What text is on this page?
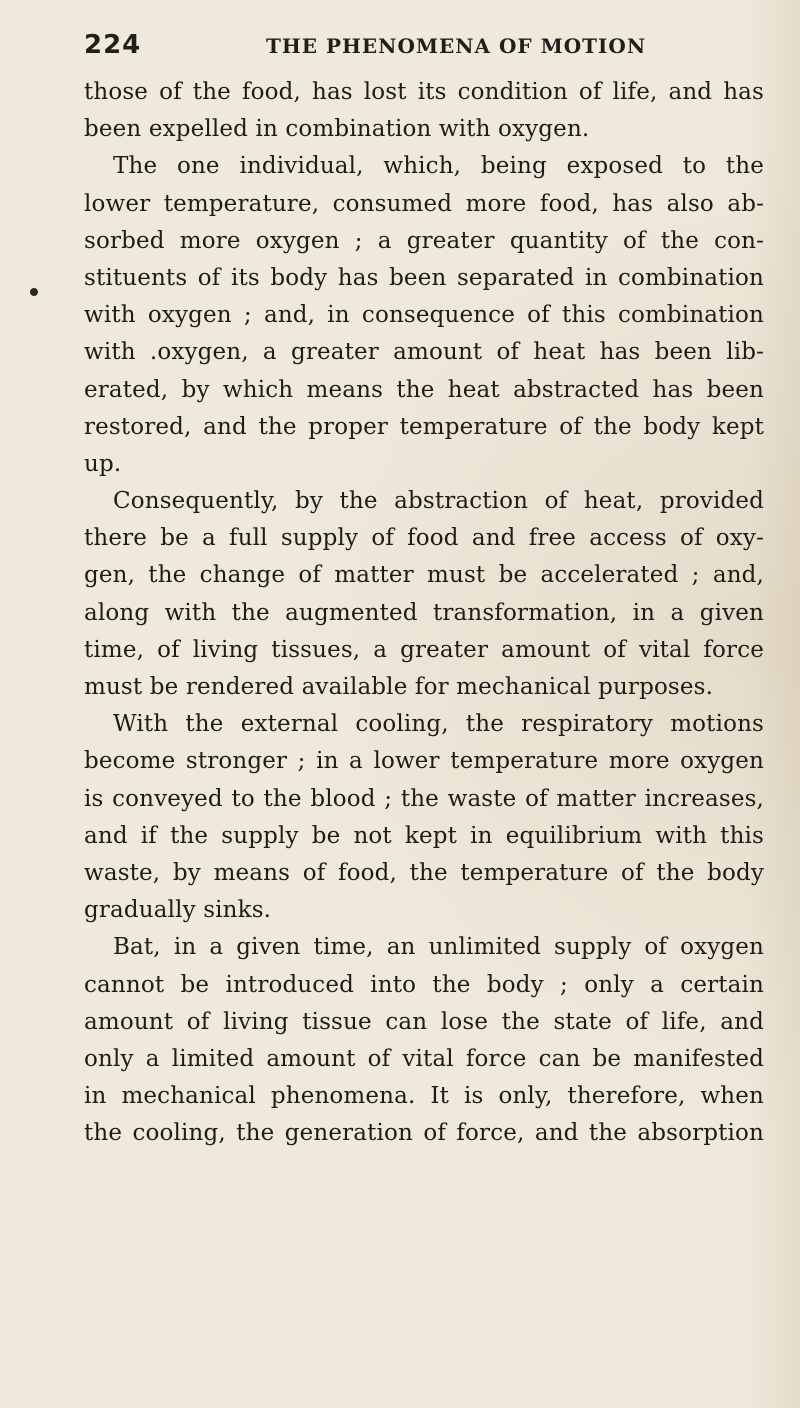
224	THE PHENOMENA OF MOTION
those of the food, has lost its condition of life, and has
been expelled in combination with oxygen.
The one individual, which, being exposed to the
lower temperature, consumed more food, has also ab-
sorbed more oxygen ; a greater quantity of the con-
stituents of its body has been separated in combination
with oxygen ; and, in consequence of this combination
with .oxygen, a greater amount of heat has been lib-
erated, by which means the heat abstracted has been
restored, and the proper temperature of the body kept
up.
Consequently, by the abstraction of heat, provided
there be a full supply of food and free access of oxy-
gen, the change of matter must be accelerated ; and,
along with the augmented transformation, in a given
time, of living tissues, a greater amount of vital force
must be rendered available for mechanical purposes.
With the external cooling, the respiratory motions
become stronger ; in a lower temperature more oxygen
is conveyed to the blood ; the waste of matter increases,
and if the supply be not kept in equilibrium with this
waste, by means of food, the temperature of the body
gradually sinks.
Bat, in a given time, an unlimited supply of oxygen
cannot be introduced into the body ; only a certain
amount of living tissue can lose the state of life, and
only a limited amount of vital force can be manifested
in mechanical phenomena. It is only, therefore, when
the cooling, the generation of force, and the absorption
